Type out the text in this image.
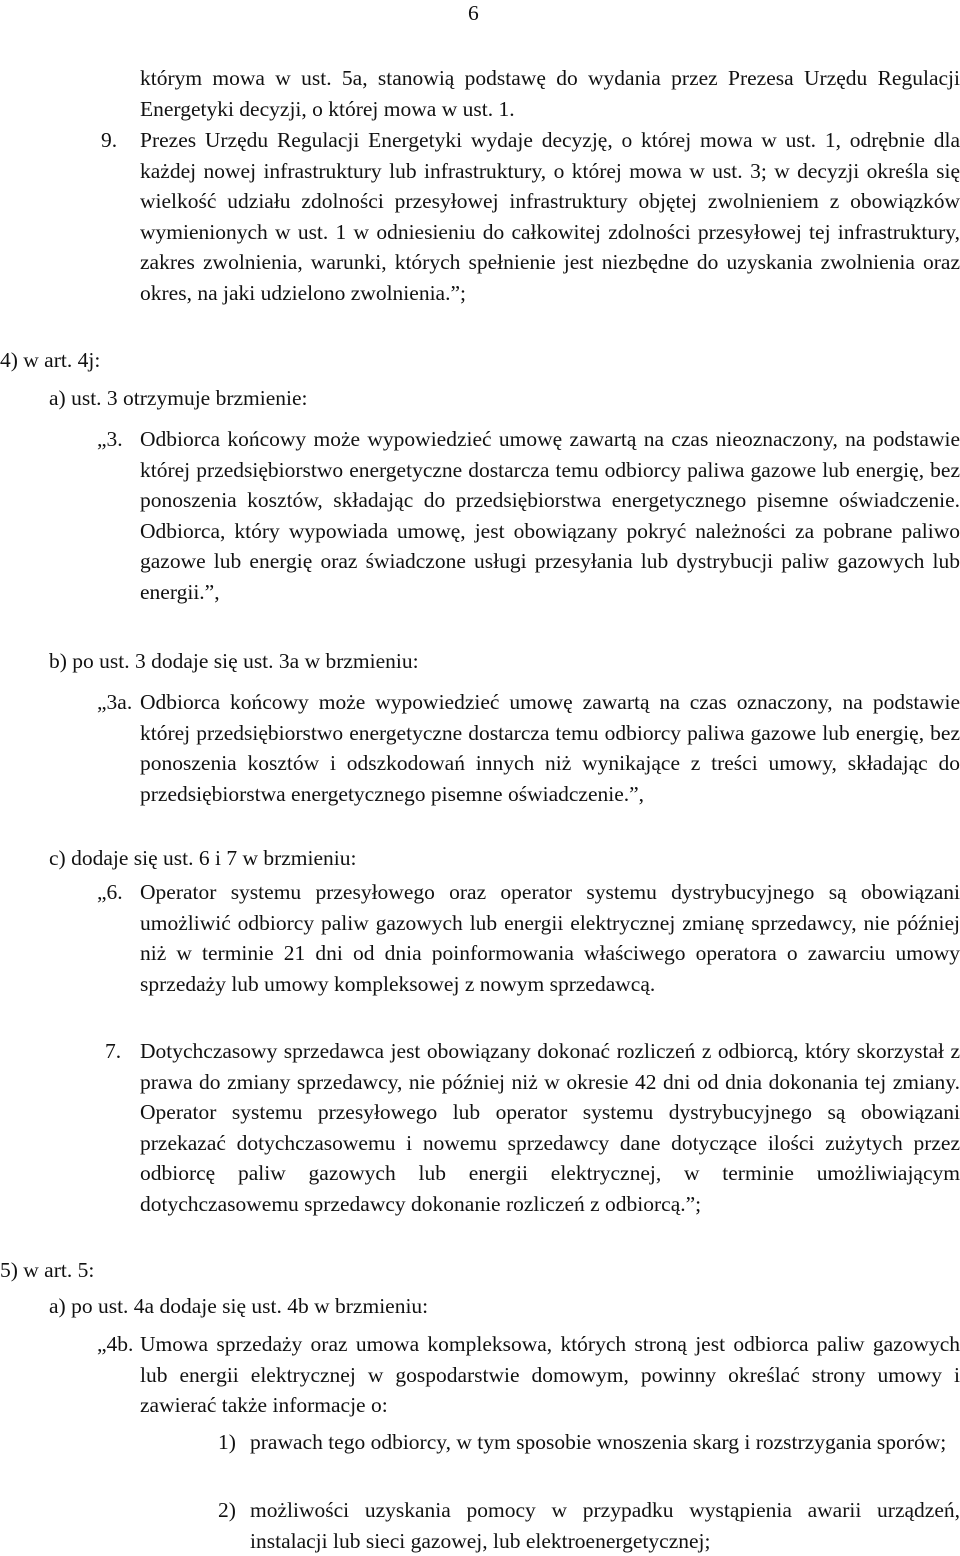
6

którym mowa w ust. 5a, stanowią podstawę do wydania przez Prezesa Urzędu Regulacji Energetyki decyzji, o której mowa w ust. 1.

9. Prezes Urzędu Regulacji Energetyki wydaje decyzję, o której mowa w ust. 1, odrębnie dla każdej nowej infrastruktury lub infrastruktury, o której mowa w ust. 3; w decyzji określa się wielkość udziału zdolności przesyłowej infrastruktury objętej zwolnieniem z obowiązków wymienionych w ust. 1 w odniesieniu do całkowitej zdolności przesyłowej tej infrastruktury, zakres zwolnienia, warunki, których spełnienie jest niezbędne do uzyskania zwolnienia oraz okres, na jaki udzielono zwolnienia.”;

4) w art. 4j:

a) ust. 3 otrzymuje brzmienie:

„3. Odbiorca końcowy może wypowiedzieć umowę zawartą na czas nieoznaczony, na podstawie której przedsiębiorstwo energetyczne dostarcza temu odbiorcy paliwa gazowe lub energię, bez ponoszenia kosztów, składając do przedsiębiorstwa energetycznego pisemne oświadczenie. Odbiorca, który wypowiada umowę, jest obowiązany pokryć należności za pobrane paliwo gazowe lub energię oraz świadczone usługi przesyłania lub dystrybucji paliw gazowych lub energii.”,

b) po ust. 3 dodaje się ust. 3a w brzmieniu:

„3a. Odbiorca końcowy może wypowiedzieć umowę zawartą na czas oznaczony, na podstawie której przedsiębiorstwo energetyczne dostarcza temu odbiorcy paliwa gazowe lub energię, bez ponoszenia kosztów i odszkodowań innych niż wynikające z treści umowy, składając do przedsiębiorstwa energetycznego pisemne oświadczenie.”,

c) dodaje się ust. 6 i 7 w brzmieniu:

„6. Operator systemu przesyłowego oraz operator systemu dystrybucyjnego są obowiązani umożliwić odbiorcy paliw gazowych lub energii elektrycznej zmianę sprzedawcy, nie później niż w terminie 21 dni od dnia poinformowania właściwego operatora o zawarciu umowy sprzedaży lub umowy kompleksowej z nowym sprzedawcą.

7. Dotychczasowy sprzedawca jest obowiązany dokonać rozliczeń z odbiorcą, który skorzystał z prawa do zmiany sprzedawcy, nie później niż w okresie 42 dni od dnia dokonania tej zmiany. Operator systemu przesyłowego lub operator systemu dystrybucyjnego są obowiązani przekazać dotychczasowemu i nowemu sprzedawcy dane dotyczące ilości zużytych przez odbiorcę paliw gazowych lub energii elektrycznej, w terminie umożliwiającym dotychczasowemu sprzedawcy dokonanie rozliczeń z odbiorcą.”;

5) w art. 5:

a) po ust. 4a dodaje się ust. 4b w brzmieniu:

„4b. Umowa sprzedaży oraz umowa kompleksowa, których stroną jest odbiorca paliw gazowych lub energii elektrycznej w gospodarstwie domowym, powinny określać strony umowy i zawierać także informacje o:

1) prawach tego odbiorcy, w tym sposobie wnoszenia skarg i rozstrzygania sporów;

2) możliwości uzyskania pomocy w przypadku wystąpienia awarii urządzeń, instalacji lub sieci gazowej, lub elektroenergetycznej;
